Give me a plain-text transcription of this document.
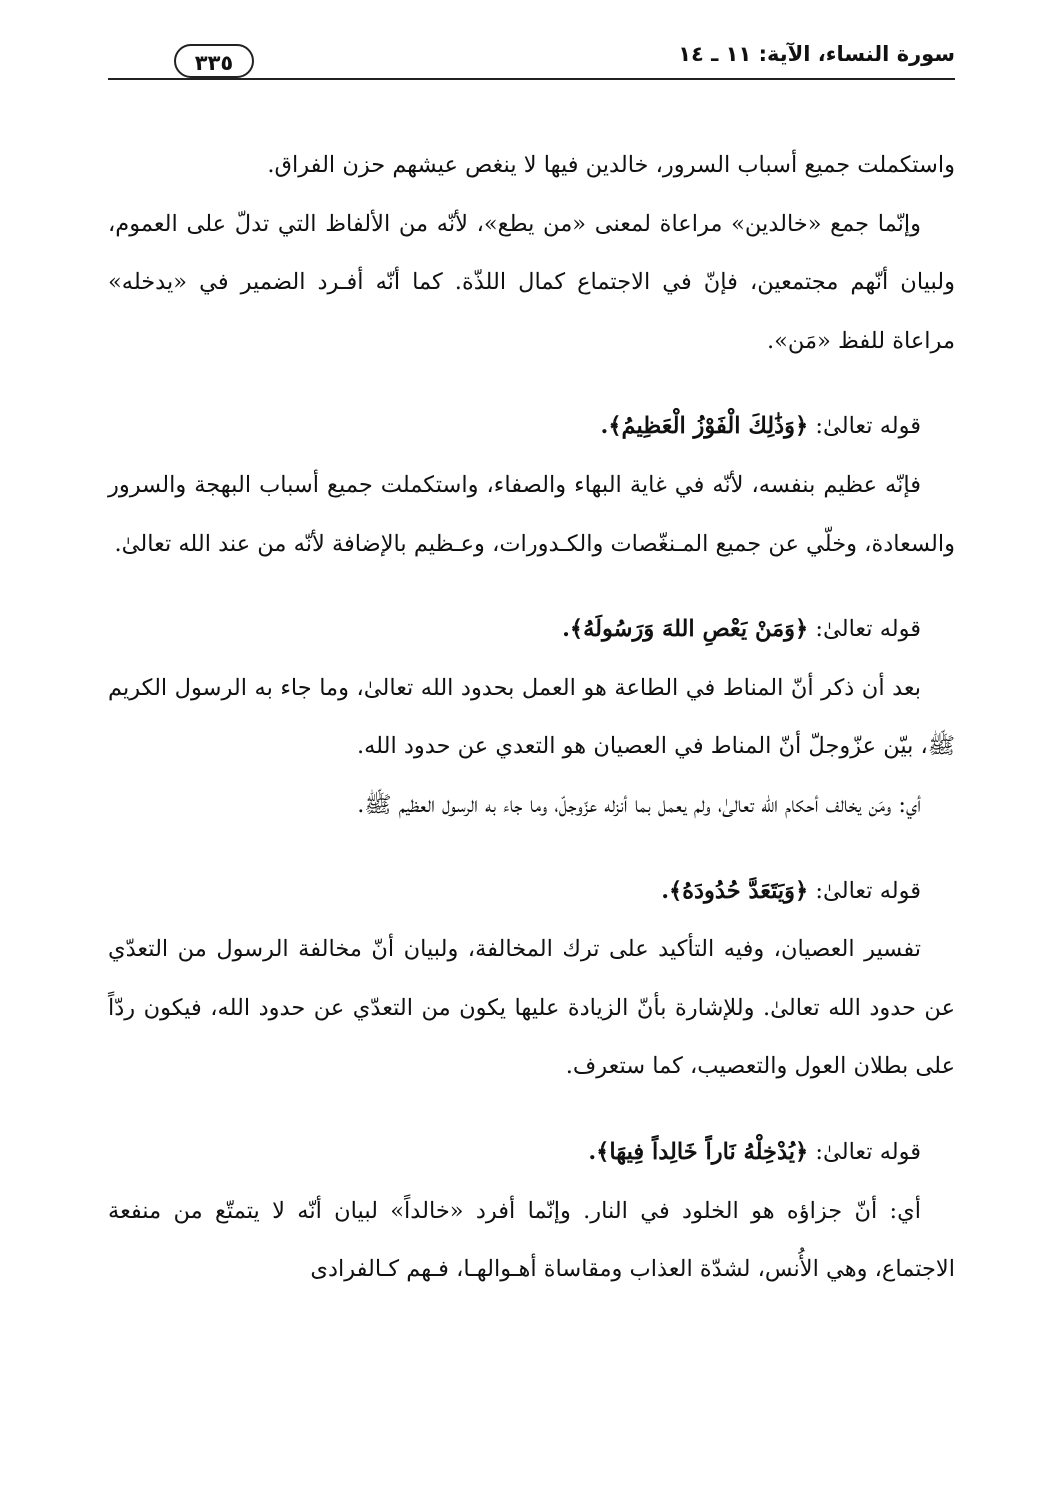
سورة النساء، الآية: ١١ ـ ١٤
٣٣٥

واستكملت جميع أسباب السرور، خالدين فيها لا ينغص عيشهم حزن الفراق.

وإنّما جمع «خالدين» مراعاة لمعنى «من يطع»، لأنّه من الألفاظ التي تدلّ على العموم، ولبيان أنّهم مجتمعين، فإنّ في الاجتماع كمال اللذّة. كما أنّه أفـرد الضمير في «يدخله» مراعاة للفظ «مَن».

قوله تعالىٰ: ﴿وَذَٰلِكَ الْفَوْزُ الْعَظِيمُ﴾.

فإنّه عظيم بنفسه، لأنّه في غاية البهاء والصفاء، واستكملت جميع أسباب البهجة والسرور والسعادة، وخلّي عن جميع المـنغّصات والكـدورات، وعـظيم بالإضافة لأنّه من عند الله تعالىٰ.

قوله تعالىٰ: ﴿وَمَنْ يَعْصِ اللهَ وَرَسُولَهُ﴾.

بعد أن ذكر أنّ المناط في الطاعة هو العمل بحدود الله تعالىٰ، وما جاء به الرسول الكريم ﷺ، بيّن عزّوجلّ أنّ المناط في العصيان هو التعدي عن حدود الله.

أي: ومَن يخالف أحكام الله تعالىٰ، ولم يعمل بما أنزله عزّوجلّ، وما جاء به الرسول العظيم ﷺ.

قوله تعالىٰ: ﴿وَيَتَعَدَّ حُدُودَهُ﴾.

تفسير العصيان، وفيه التأكيد على ترك المخالفة، ولبيان أنّ مخالفة الرسول من التعدّي عن حدود الله تعالىٰ. وللإشارة بأنّ الزيادة عليها يكون من التعدّي عن حدود الله، فيكون ردّاً على بطلان العول والتعصيب، كما ستعرف.

قوله تعالىٰ: ﴿يُدْخِلْهُ نَاراً خَالِداً فِيهَا﴾.

أي: أنّ جزاؤه هو الخلود في النار. وإنّما أفرد «خالداً» لبيان أنّه لا يتمتّع من منفعة الاجتماع، وهي الأُنس، لشدّة العذاب ومقاساة أهـوالهـا، فـهم كـالفرادى
